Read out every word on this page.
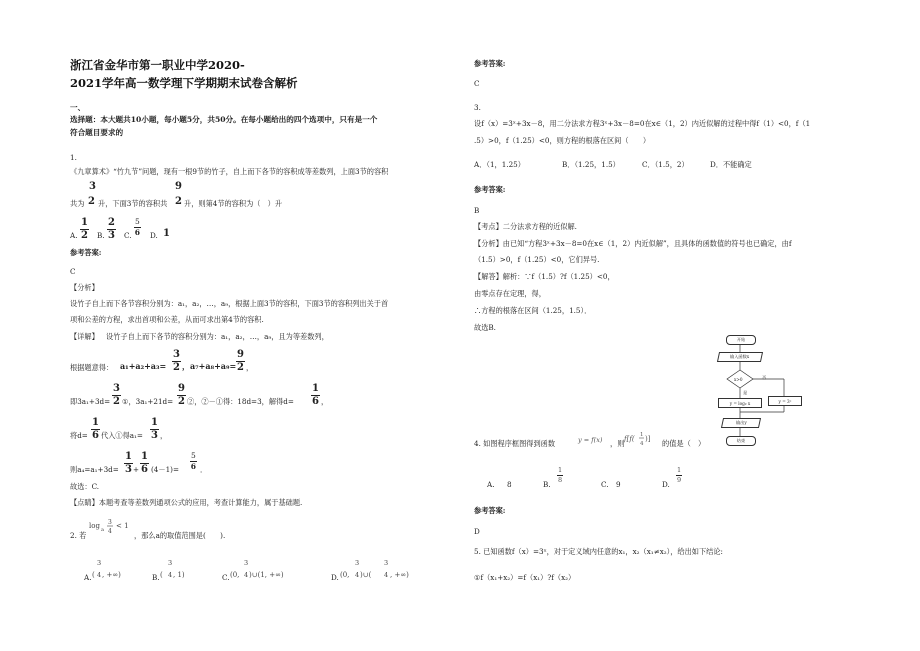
浙江省金华市第一职业中学2020-
2021学年高一数学理下学期期末试卷含解析
一、
选择题：本大题共10小题，每小题5分，共50分。在每小题给出的四个选项中，只有是一个
符合题目要求的
1.
《九章算术》“竹九节”问题，现有一根9节的竹子，自上而下各节的容积成等差数列，上面3节的容积
3	9
共为 2 升，下面3节的容积共 2 升，则第4节的容积为（　）升
A.
1
2 B.
2
3 C.
5
6 D. 1
参考答案:
C
【分析】
设竹子自上而下各节容积分别为：a₁，a₂，…，a₉，根据上面3节的容积，下面3节的容积列出关于首
项和公差的方程，求出首项和公差，从而可求出第4节的容积.
【详解】 设竹子自上而下各节的容积分别为：a₁，a₂，…，a₉，且为等差数列，
根据题意得： a₁+a₂+a₃=
3
2 ，a₇+a₈+a₉=
9
2 ，
即3a₁+3d=
3
2 ①，3a₁+21d=
9
2 ②，②－①得：18d=3，解得d=
1
6 ，
将d=
1
6 代入①得a₁=
1
3 ，
则a₄=a₁+3d=
1
3 +
1
6 (4－1)=
5
6 ．
故选：C.
【点睛】本题考查等差数列通项公式的应用，考查计算能力，属于基础题.
2. 若
log a
3
4
< 1
，那么a的取值范围是(　　).
A.
3
( 4 , +∞)	B.
3
( 4 , 1)	C. (0,
3
4 )∪(1, +∞)	D. (0,
3
4 )∪(
3
4 , +∞)
参考答案:
C
3.
设f（x）=3ˣ+3x－8，用二分法求方程3ˣ+3x－8=0在x∈（1，2）内近似解的过程中得f（1）<0，f（1
.5）>0，f（1.25）<0，则方程的根落在区间（　　）
A．（1，1.25）	B．（1.25，1.5）	C．（1.5，2）	D．不能确定
参考答案:
B
【考点】二分法求方程的近似解.
【分析】由已知“方程3ˣ+3x－8=0在x∈（1，2）内近似解”，且具体的函数值的符号也已确定，由f
（1.5）>0，f（1.25）<0，它们异号.
【解答】解析：∵f（1.5）?f（1.25）<0，
由零点存在定理，得，
∴方程的根落在区间（1.25，1.5）．
故选B.
开始
输入函数x
x>0	否
是
y = log₂ x	y = 3ˣ
输出y
结束
4. 如图程序框图得到函数	y = f(x) ，则 f[f( 1
4
)] 的值是（　）
A. 8	B.
1
8
C. 9	D.
1
9
参考答案:
D
5. 已知函数f（x）=3ˣ，对于定义域内任意的x₁，x₂（x₁≠x₂），给出如下结论:
①f（x₁+x₂）=f（x₁）?f（x₂）
